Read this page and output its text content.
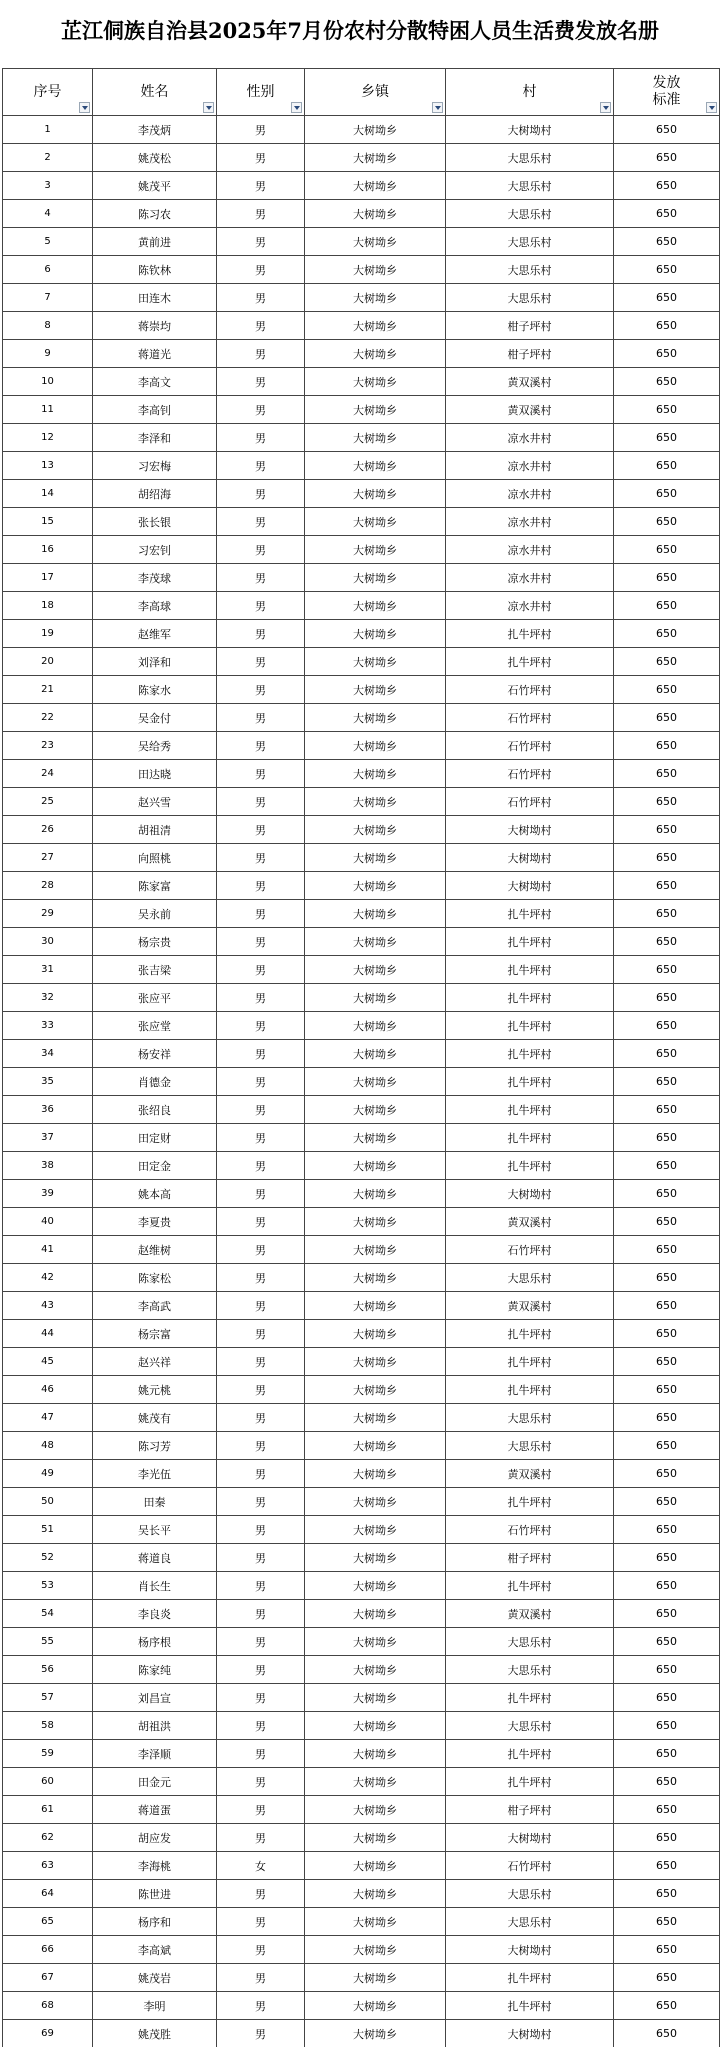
芷江侗族自治县2025年7月份农村分散特困人员生活费发放名册
序号	姓名	性别	乡镇	村	发放
标准

1	李茂炳	男	大树坳乡	大树坳村	650
2	姚茂松	男	大树坳乡	大思乐村	650
3	姚茂平	男	大树坳乡	大思乐村	650
4	陈习农	男	大树坳乡	大思乐村	650
5	黄前进	男	大树坳乡	大思乐村	650
6	陈钦林	男	大树坳乡	大思乐村	650
7	田连木	男	大树坳乡	大思乐村	650
8	蒋崇均	男	大树坳乡	柑子坪村	650
9	蒋道光	男	大树坳乡	柑子坪村	650
10	李高文	男	大树坳乡	黄双溪村	650
11	李高钊	男	大树坳乡	黄双溪村	650
12	李泽和	男	大树坳乡	凉水井村	650
13	习宏梅	男	大树坳乡	凉水井村	650
14	胡绍海	男	大树坳乡	凉水井村	650
15	张长银	男	大树坳乡	凉水井村	650
16	习宏钊	男	大树坳乡	凉水井村	650
17	李茂球	男	大树坳乡	凉水井村	650
18	李高球	男	大树坳乡	凉水井村	650
19	赵维军	男	大树坳乡	扎牛坪村	650
20	刘泽和	男	大树坳乡	扎牛坪村	650
21	陈家水	男	大树坳乡	石竹坪村	650
22	吴金付	男	大树坳乡	石竹坪村	650
23	吴给秀	男	大树坳乡	石竹坪村	650
24	田达晓	男	大树坳乡	石竹坪村	650
25	赵兴雪	男	大树坳乡	石竹坪村	650
26	胡祖清	男	大树坳乡	大树坳村	650
27	向照桃	男	大树坳乡	大树坳村	650
28	陈家富	男	大树坳乡	大树坳村	650
29	吴永前	男	大树坳乡	扎牛坪村	650
30	杨宗贵	男	大树坳乡	扎牛坪村	650
31	张吉梁	男	大树坳乡	扎牛坪村	650
32	张应平	男	大树坳乡	扎牛坪村	650
33	张应堂	男	大树坳乡	扎牛坪村	650
34	杨安祥	男	大树坳乡	扎牛坪村	650
35	肖德金	男	大树坳乡	扎牛坪村	650
36	张绍良	男	大树坳乡	扎牛坪村	650
37	田定财	男	大树坳乡	扎牛坪村	650
38	田定金	男	大树坳乡	扎牛坪村	650
39	姚本高	男	大树坳乡	大树坳村	650
40	李夏贵	男	大树坳乡	黄双溪村	650
41	赵维树	男	大树坳乡	石竹坪村	650
42	陈家松	男	大树坳乡	大思乐村	650
43	李高武	男	大树坳乡	黄双溪村	650
44	杨宗富	男	大树坳乡	扎牛坪村	650
45	赵兴祥	男	大树坳乡	扎牛坪村	650
46	姚元桃	男	大树坳乡	扎牛坪村	650
47	姚茂有	男	大树坳乡	大思乐村	650
48	陈习芳	男	大树坳乡	大思乐村	650
49	李光伍	男	大树坳乡	黄双溪村	650
50	田秦	男	大树坳乡	扎牛坪村	650
51	吴长平	男	大树坳乡	石竹坪村	650
52	蒋道良	男	大树坳乡	柑子坪村	650
53	肖长生	男	大树坳乡	扎牛坪村	650
54	李良炎	男	大树坳乡	黄双溪村	650
55	杨序根	男	大树坳乡	大思乐村	650
56	陈家纯	男	大树坳乡	大思乐村	650
57	刘昌宣	男	大树坳乡	扎牛坪村	650
58	胡祖洪	男	大树坳乡	大思乐村	650
59	李泽顺	男	大树坳乡	扎牛坪村	650
60	田金元	男	大树坳乡	扎牛坪村	650
61	蒋道蛋	男	大树坳乡	柑子坪村	650
62	胡应发	男	大树坳乡	大树坳村	650
63	李海桃	女	大树坳乡	石竹坪村	650
64	陈世进	男	大树坳乡	大思乐村	650
65	杨序和	男	大树坳乡	大思乐村	650
66	李高斌	男	大树坳乡	大树坳村	650
67	姚茂岩	男	大树坳乡	扎牛坪村	650
68	李明	男	大树坳乡	扎牛坪村	650
69	姚茂胜	男	大树坳乡	大树坳村	650
